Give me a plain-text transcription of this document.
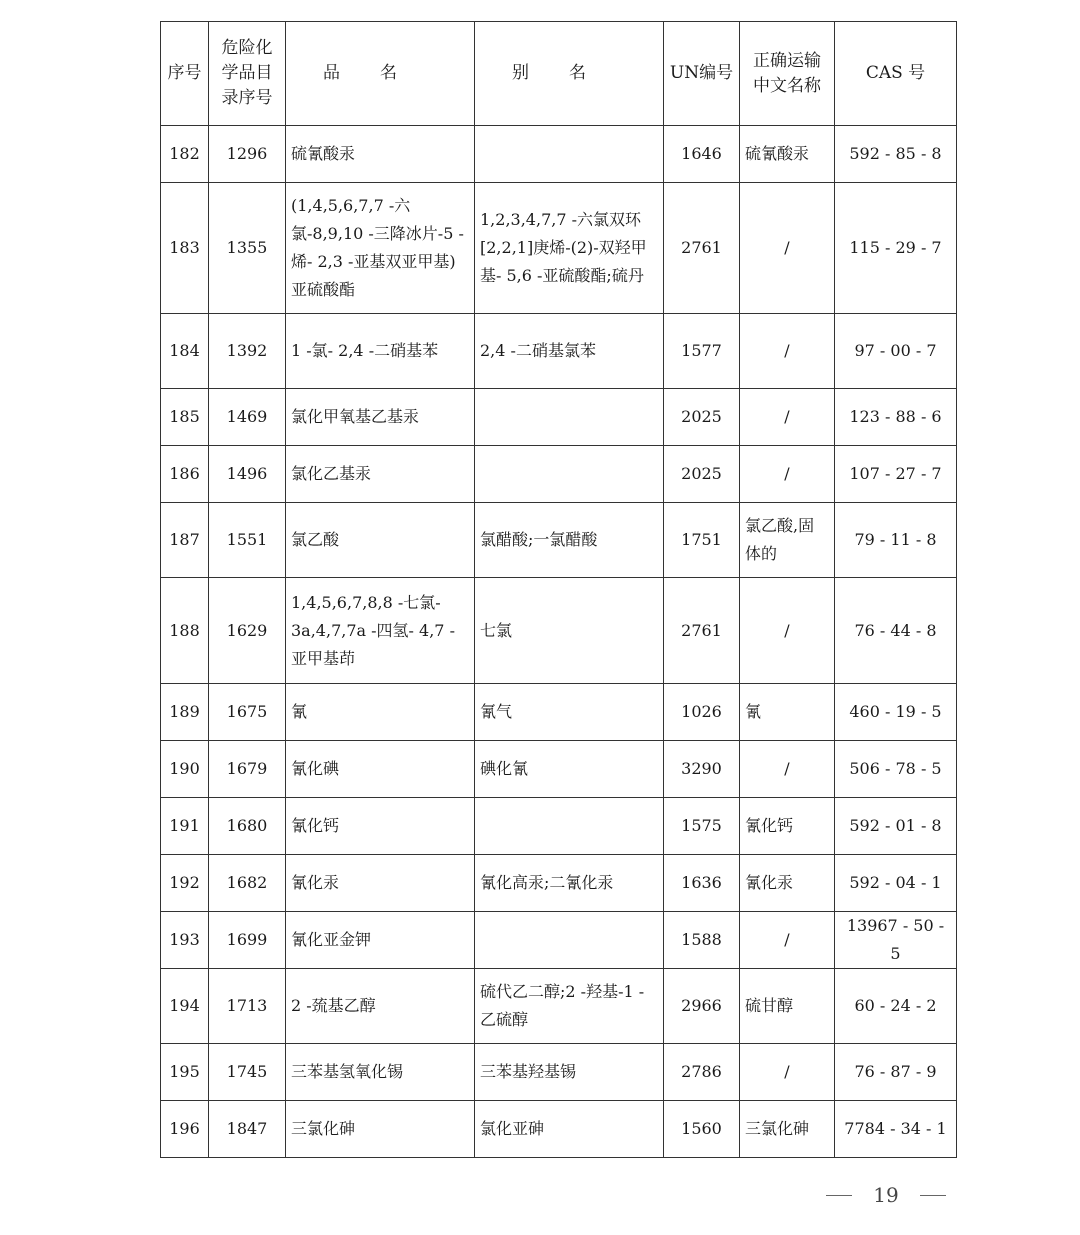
序号	危险化学品目录序号	品名	别名	UN编号	正确运输中文名称	CAS 号
182	1296	硫氰酸汞		1646	硫氰酸汞	592 - 85 - 8
183	1355	(1,4,5,6,7,7 -六氯-8,9,10 -三降冰片-5 -烯- 2,3 -亚基双亚甲基)亚硫酸酯	1,2,3,4,7,7 -六氯双环[2,2,1]庚烯-(2)-双羟甲基- 5,6 -亚硫酸酯;硫丹	2761	/	115 - 29 - 7
184	1392	1 -氯- 2,4 -二硝基苯	2,4 -二硝基氯苯	1577	/	97 - 00 - 7
185	1469	氯化甲氧基乙基汞		2025	/	123 - 88 - 6
186	1496	氯化乙基汞		2025	/	107 - 27 - 7
187	1551	氯乙酸	氯醋酸;一氯醋酸	1751	氯乙酸,固体的	79 - 11 - 8
188	1629	1,4,5,6,7,8,8 -七氯- 3a,4,7,7a -四氢- 4,7 -亚甲基茚	七氯	2761	/	76 - 44 - 8
189	1675	氰	氰气	1026	氰	460 - 19 - 5
190	1679	氰化碘	碘化氰	3290	/	506 - 78 - 5
191	1680	氰化钙		1575	氰化钙	592 - 01 - 8
192	1682	氰化汞	氰化高汞;二氰化汞	1636	氰化汞	592 - 04 - 1
193	1699	氰化亚金钾		1588	/	13967 - 50 - 5
194	1713	2 -巯基乙醇	硫代乙二醇;2 -羟基-1 -乙硫醇	2966	硫甘醇	60 - 24 - 2
195	1745	三苯基氢氧化锡	三苯基羟基锡	2786	/	76 - 87 - 9
196	1847	三氯化砷	氯化亚砷	1560	三氯化砷	7784 - 34 - 1
19
